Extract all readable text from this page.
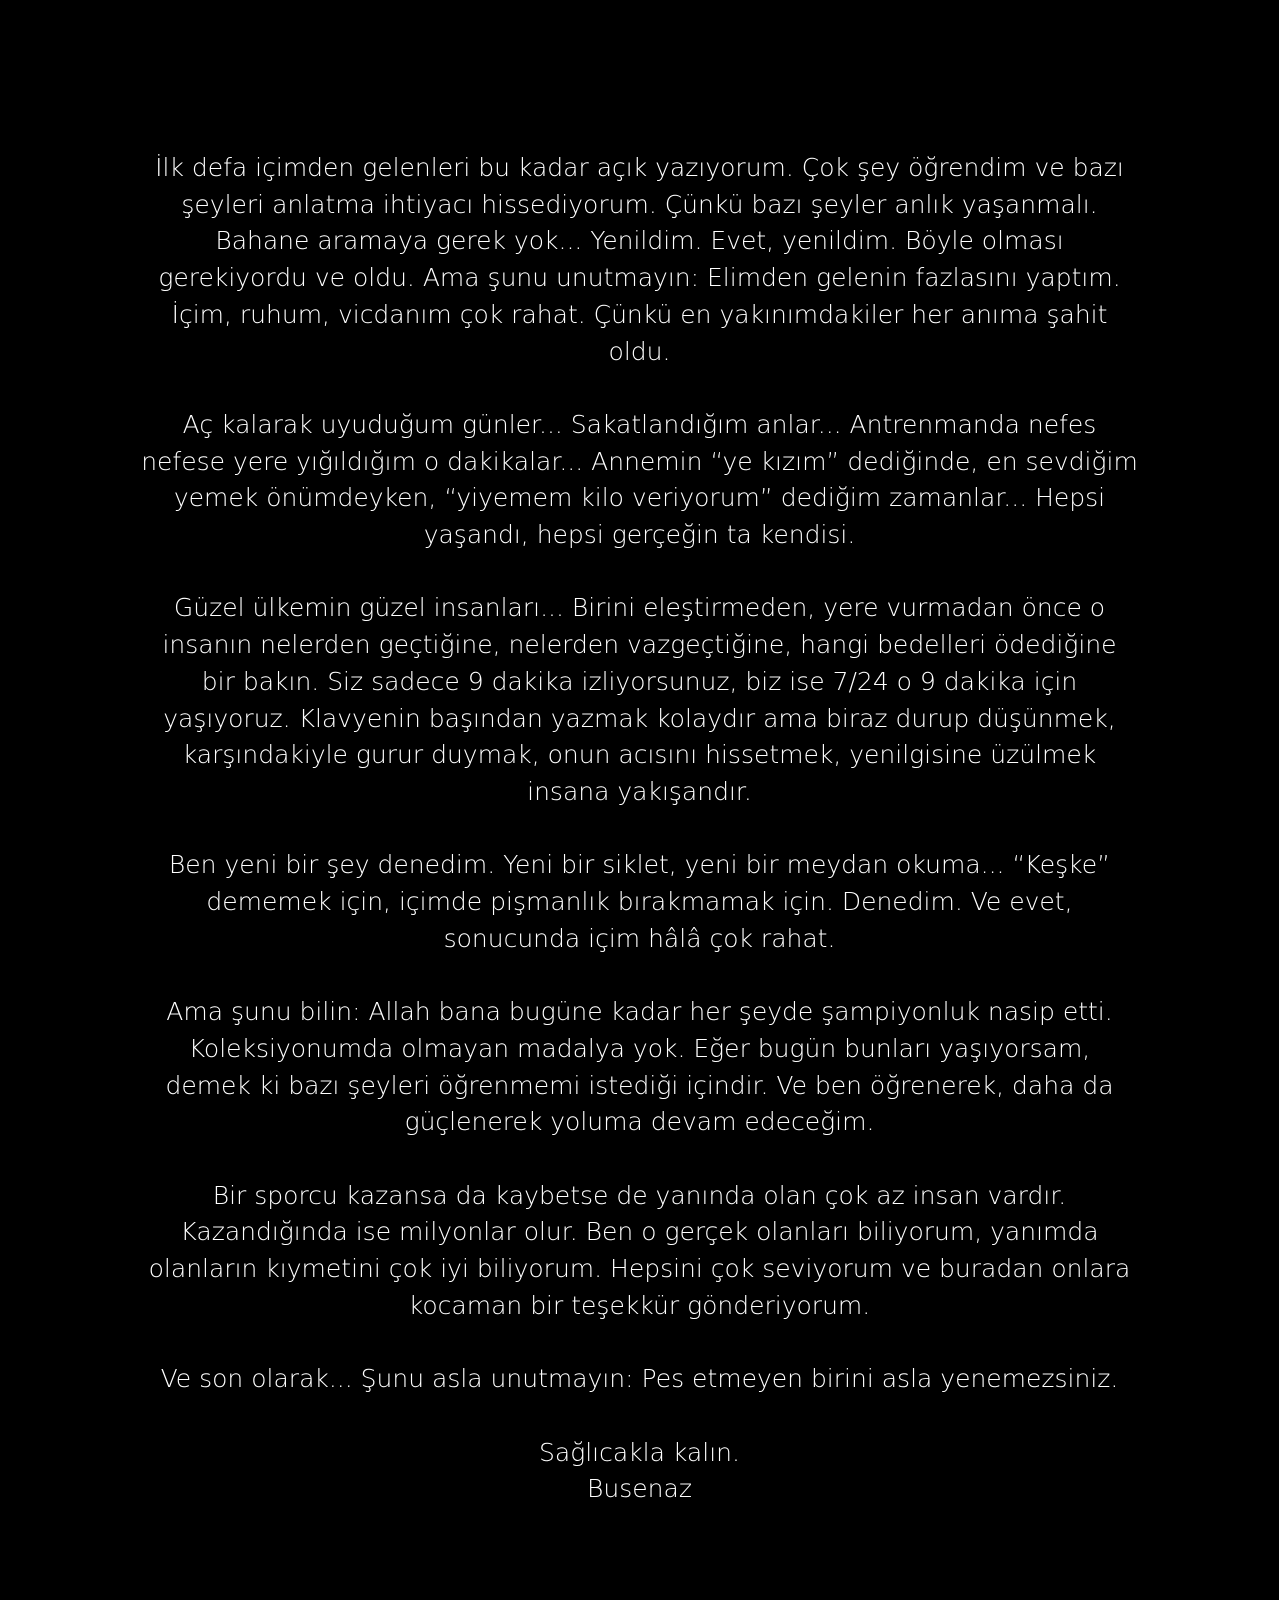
İlk defa içimden gelenleri bu kadar açık yazıyorum. Çok şey öğrendim ve bazı
şeyleri anlatma ihtiyacı hissediyorum. Çünkü bazı şeyler anlık yaşanmalı.
Bahane aramaya gerek yok... Yenildim. Evet, yenildim. Böyle olması
gerekiyordu ve oldu. Ama şunu unutmayın: Elimden gelenin fazlasını yaptım.
İçim, ruhum, vicdanım çok rahat. Çünkü en yakınımdakiler her anıma şahit
oldu.
Aç kalarak uyuduğum günler... Sakatlandığım anlar... Antrenmanda nefes
nefese yere yığıldığım o dakikalar... Annemin “ye kızım” dediğinde, en sevdiğim
yemek önümdeyken, “yiyemem kilo veriyorum” dediğim zamanlar... Hepsi
yaşandı, hepsi gerçeğin ta kendisi.
Güzel ülkemin güzel insanları... Birini eleştirmeden, yere vurmadan önce o
insanın nelerden geçtiğine, nelerden vazgeçtiğine, hangi bedelleri ödediğine
bir bakın. Siz sadece 9 dakika izliyorsunuz, biz ise 7/24 o 9 dakika için
yaşıyoruz. Klavyenin başından yazmak kolaydır ama biraz durup düşünmek,
karşındakiyle gurur duymak, onun acısını hissetmek, yenilgisine üzülmek
insana yakışandır.
Ben yeni bir şey denedim. Yeni bir siklet, yeni bir meydan okuma... “Keşke”
dememek için, içimde pişmanlık bırakmamak için. Denedim. Ve evet,
sonucunda içim hâlâ çok rahat.
Ama şunu bilin: Allah bana bugüne kadar her şeyde şampiyonluk nasip etti.
Koleksiyonumda olmayan madalya yok. Eğer bugün bunları yaşıyorsam,
demek ki bazı şeyleri öğrenmemi istediği içindir. Ve ben öğrenerek, daha da
güçlenerek yoluma devam edeceğim.
Bir sporcu kazansa da kaybetse de yanında olan çok az insan vardır.
Kazandığında ise milyonlar olur. Ben o gerçek olanları biliyorum, yanımda
olanların kıymetini çok iyi biliyorum. Hepsini çok seviyorum ve buradan onlara
kocaman bir teşekkür gönderiyorum.
Ve son olarak... Şunu asla unutmayın: Pes etmeyen birini asla yenemezsiniz.
Sağlıcakla kalın.
Busenaz
